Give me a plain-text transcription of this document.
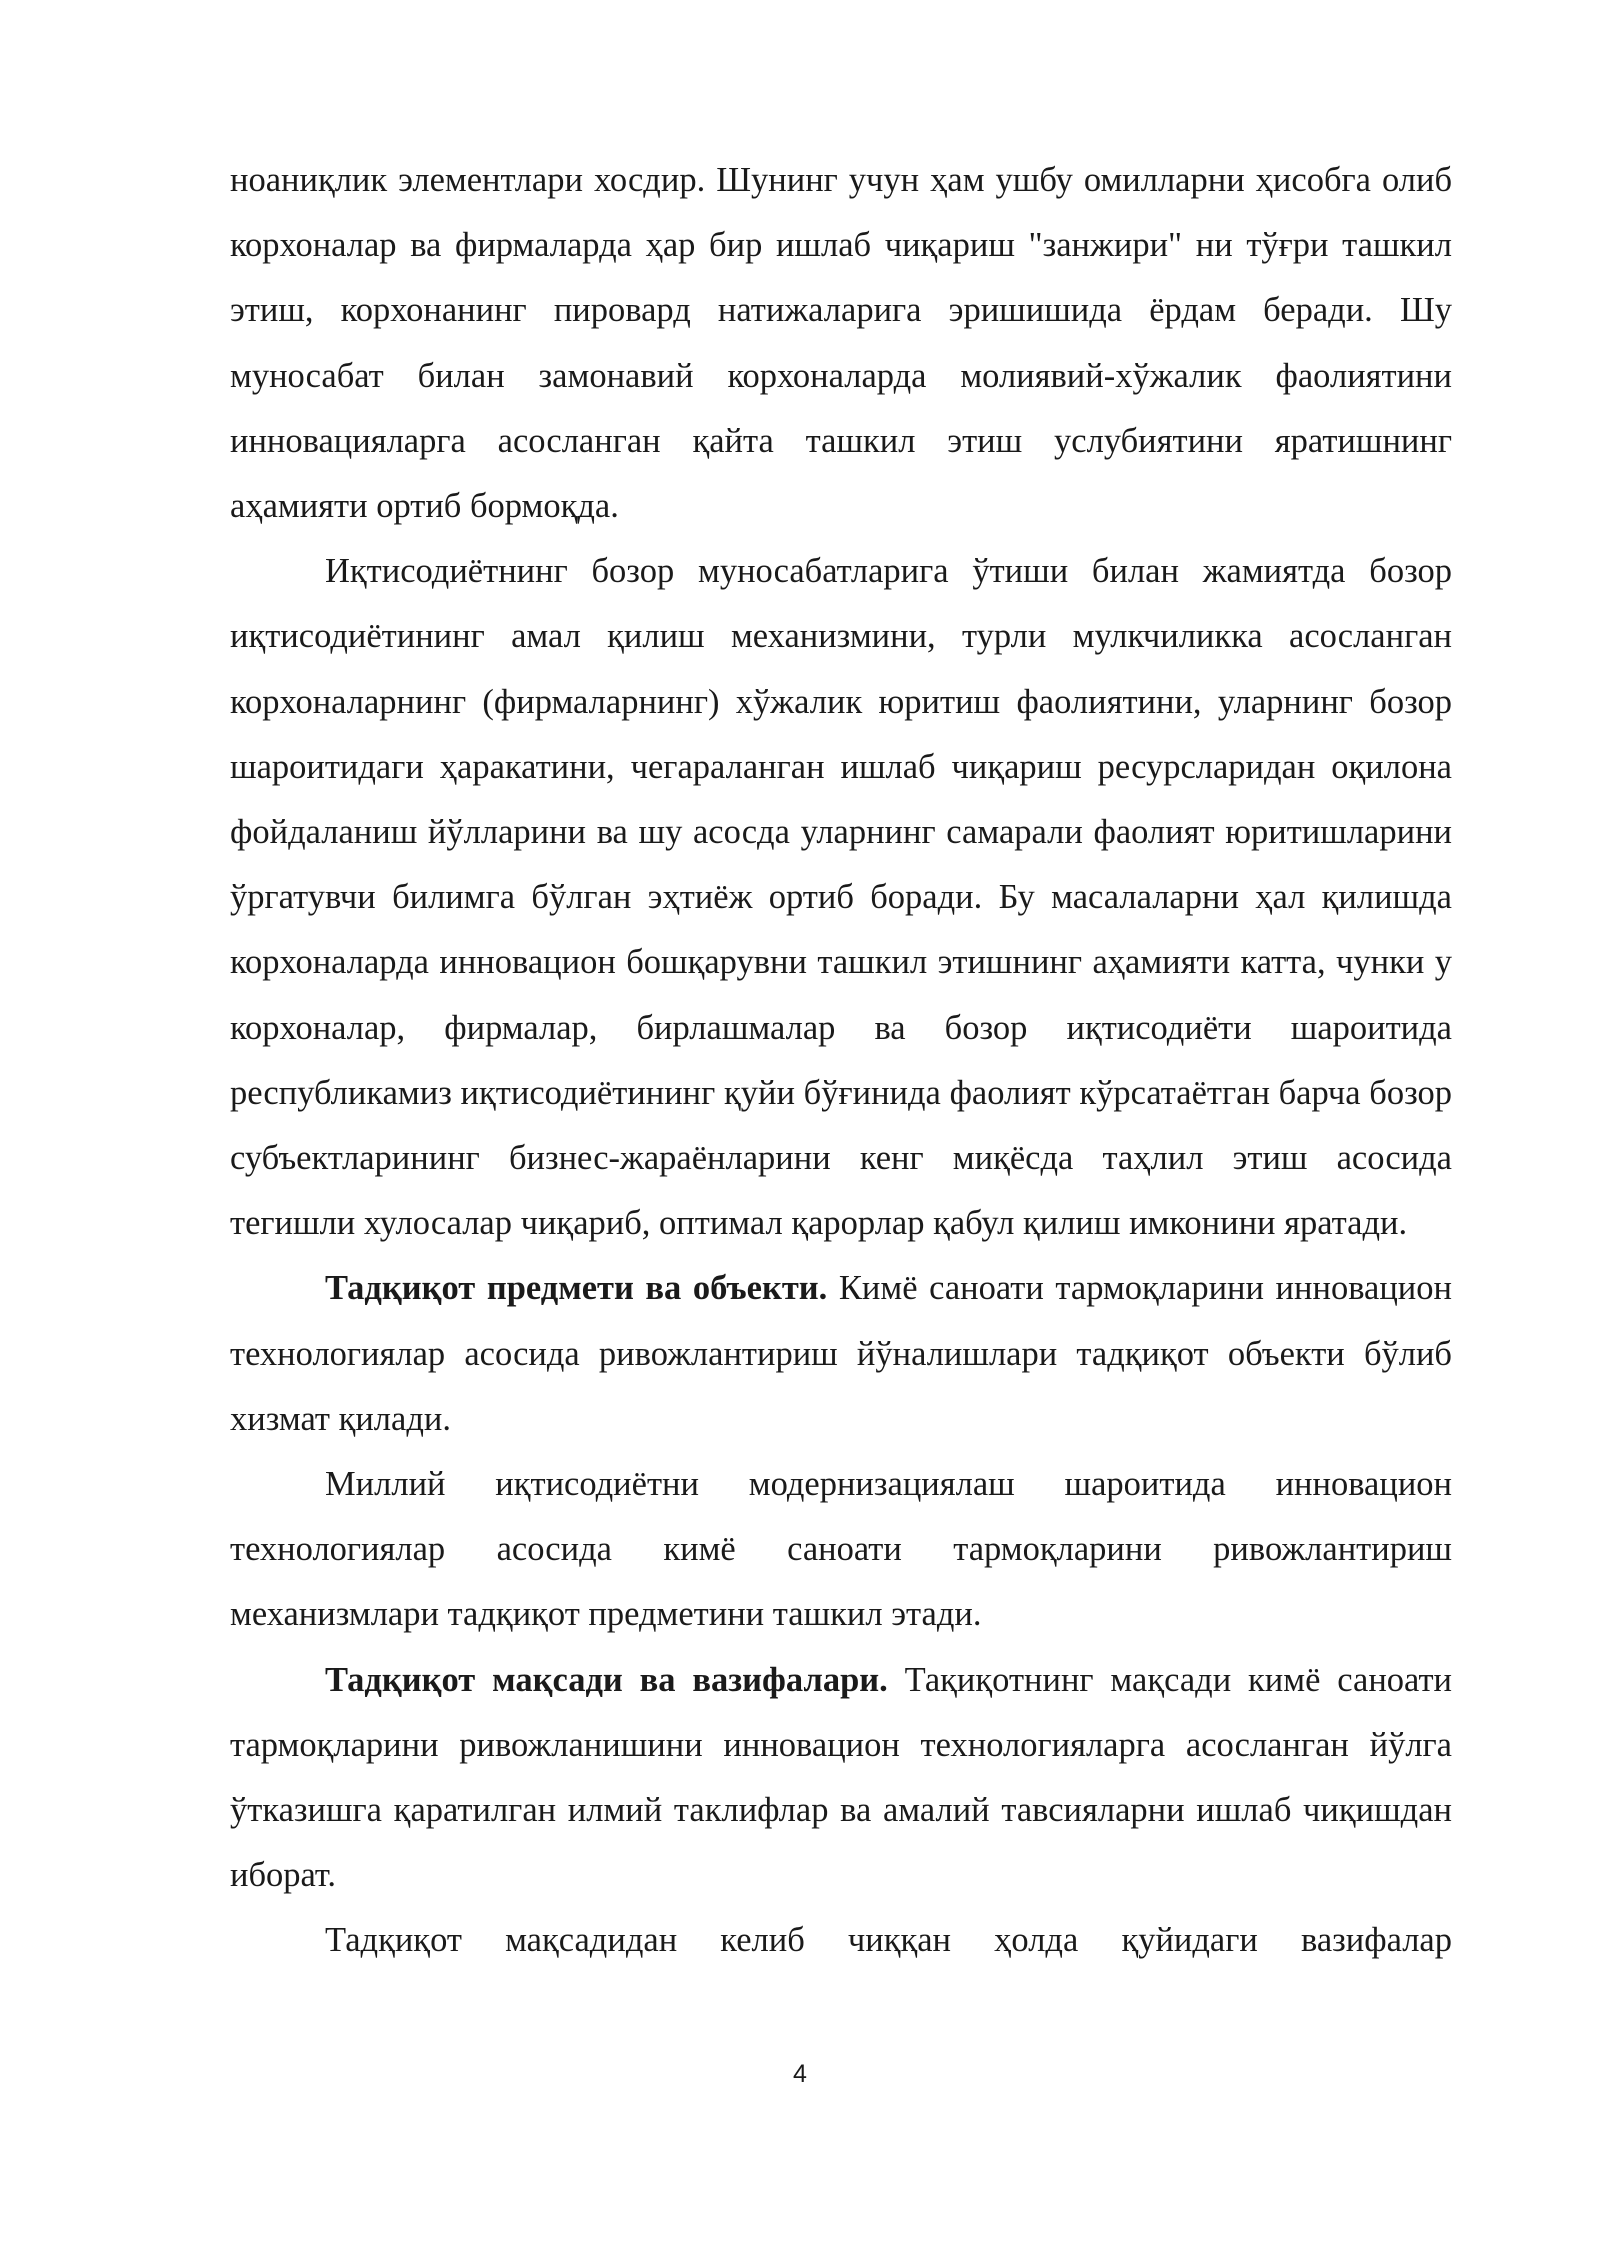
ноаниқлик элементлари хосдир. Шунинг учун ҳам ушбу омилларни ҳисобга олиб корхоналар ва фирмаларда ҳар бир ишлаб чиқариш "занжири" ни тўғри ташкил этиш, корхонанинг пировард натижаларига эришишида ёрдам беради. Шу муносабат билан замонавий корхоналарда молиявий-хўжалик фаолиятини инновацияларга асосланган қайта ташкил этиш услубиятини яратишнинг аҳамияти ортиб бормоқда.

Иқтисодиётнинг бозор муносабатларига ўтиши билан жамиятда бозор иқтисодиётининг амал қилиш механизмини, турли мулкчиликка асосланган корхоналарнинг (фирмаларнинг) хўжалик юритиш фаолиятини, уларнинг бозор шароитидаги ҳаракатини, чегараланган ишлаб чиқариш ресурсларидан оқилона фойдаланиш йўлларини ва шу асосда уларнинг самарали фаолият юритишларини ўргатувчи билимга бўлган эҳтиёж ортиб боради. Бу масалаларни ҳал қилишда корхоналарда инновацион бошқарувни ташкил этишнинг аҳамияти катта, чунки у корхоналар, фирмалар, бирлашмалар ва бозор иқтисодиёти шароитида республикамиз иқтисодиётининг қуйи бўғинида фаолият кўрсатаётган барча бозор субъектларининг бизнес-жараёнларини кенг миқёсда таҳлил этиш асосида тегишли хулосалар чиқариб, оптимал қарорлар қабул қилиш имконини яратади.

Тадқиқот предмети ва объекти. Кимё саноати тармоқларини инновацион технологиялар асосида ривожлантириш йўналишлари тадқиқот объекти бўлиб хизмат қилади.

Миллий иқтисодиётни модернизациялаш шароитида инновацион технологиялар асосида кимё саноати тармоқларини ривожлантириш механизмлари тадқиқот предметини ташкил этади.

Тадқиқот мақсади ва вазифалари. Тақиқотнинг мақсади кимё саноати тармоқларини ривожланишини инновацион технологияларга асосланган йўлга ўтказишга қаратилган илмий таклифлар ва амалий тавсияларни ишлаб чиқишдан иборат.

Тадқиқот мақсадидан келиб чиққан ҳолда қуйидаги вазифалар

4
